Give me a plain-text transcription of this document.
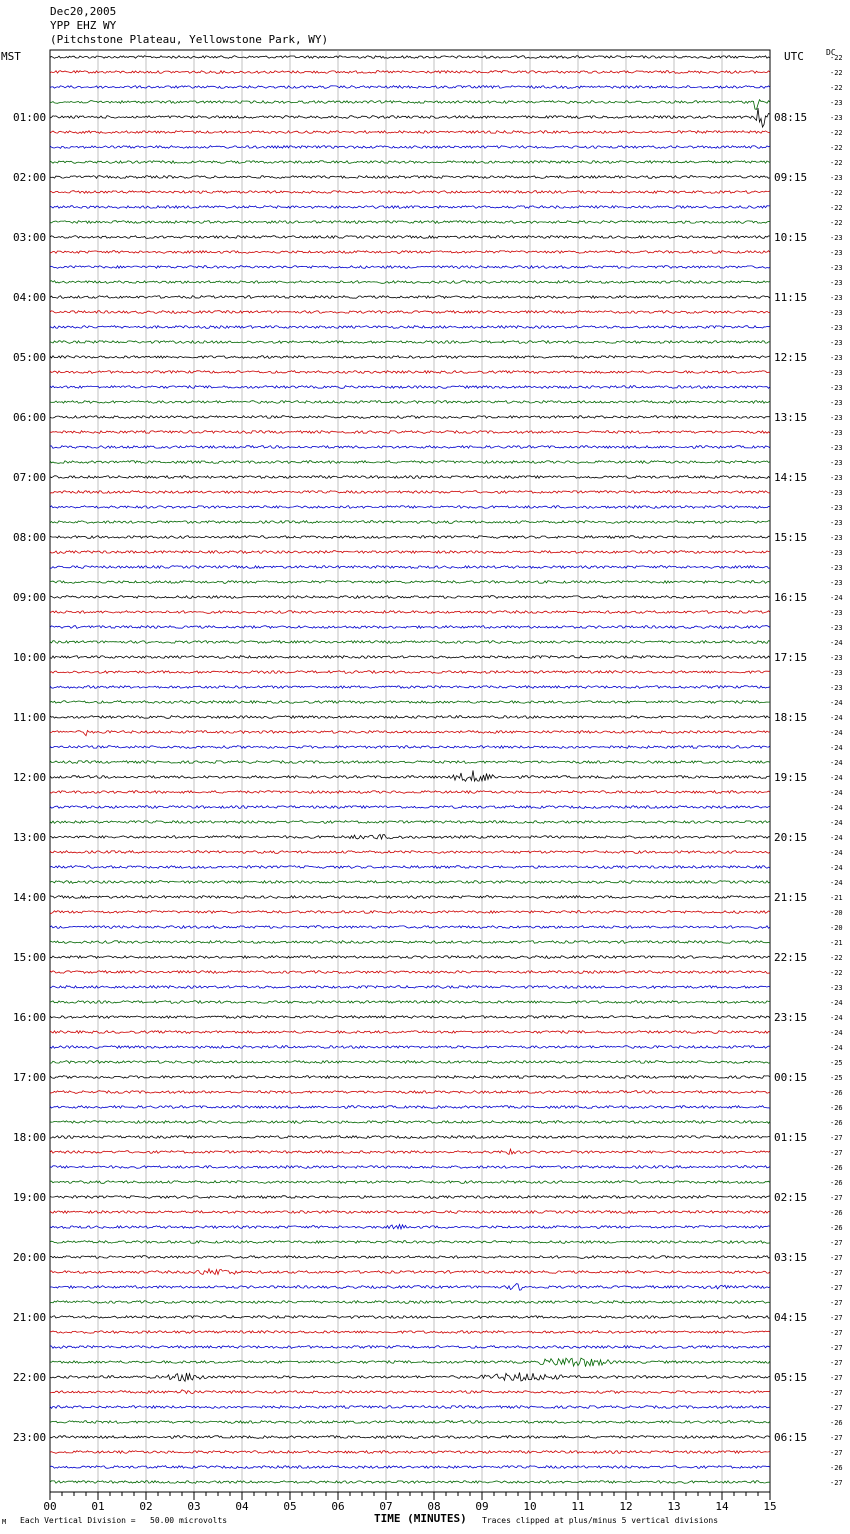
Dec20,2005
YPP EHZ WY
(Pitchstone Plateau, Yellowstone Park, WY)
MST	UTC	DC
-22
-22
-22
-23
-23
-22
-22
-22
-23
-22
-22
-22
-23
-23
-23
-23
-23
-23
-23
-23
-23
-23
-23
-23
-23
-23
-23
-23
-23
-23
-23
-23
-23
-23
-23
-23
-24
-23
-23
-24
-23
-23
-23
-24
-24
-24
-24
-24
-24
-24
-24
-24
-24
-24
-24
-24
-21
-20
-20
-21
-22
-22
-23
-24
-24
-24
-24
-25
-25
-26
-26
-26
-27
-27
-26
-26
-27
-26
-26
-27
-27
-27
-27
-27
-27
-27
-27
-27
-27
-27
-27
-26
-27
-27
-26
-27
01:00
02:00
03:00
04:00
05:00
06:00
07:00
08:00
09:00
10:00
11:00
12:00
13:00
14:00
15:00
16:00
17:00
18:00
19:00
20:00
21:00
22:00
23:00
08:15
09:15
10:15
11:15
12:15
13:15
14:15
15:15
16:15
17:15
18:15
19:15
20:15
21:15
22:15
23:15
00:15
01:15
02:15
03:15
04:15
05:15
06:15
00	01	02	03	04	05	06	07	08	09	10	11	12	13	14	15
M Each Vertical Division =   50.00 microvolts	TIME (MINUTES) Traces clipped at plus/minus 5 vertical divisions
